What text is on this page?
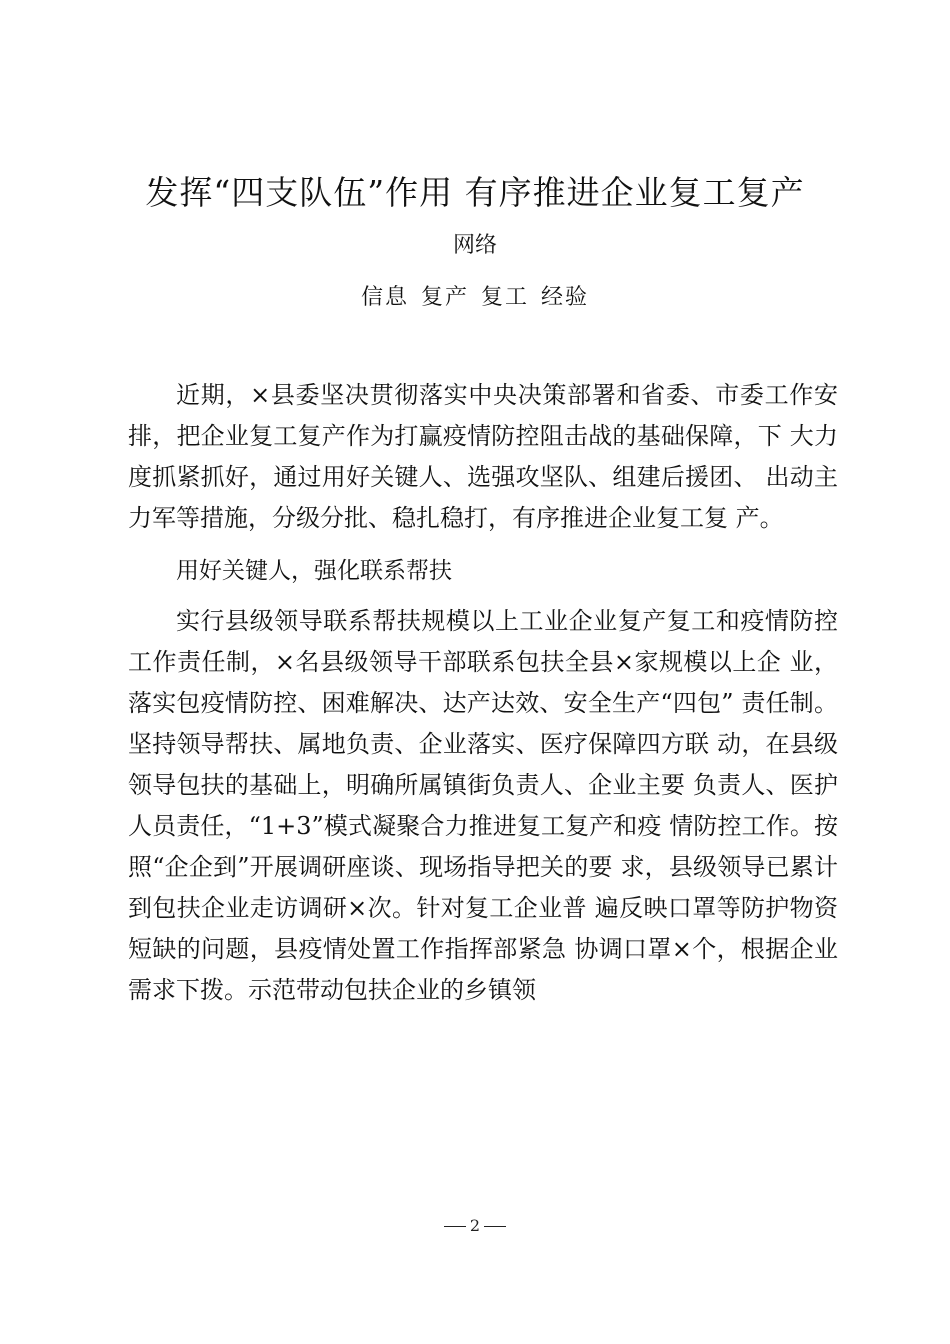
发挥“四支队伍”作用 有序推进企业复工复产

网络

信息 复产 复工 经验

近期，×县委坚决贯彻落实中央决策部署和省委、市委工作安排，把企业复工复产作为打赢疫情防控阻击战的基础保障，下 大力度抓紧抓好，通过用好关键人、选强攻坚队、组建后援团、 出动主力军等措施，分级分批、稳扎稳打，有序推进企业复工复 产。

用好关键人，强化联系帮扶

实行县级领导联系帮扶规模以上工业企业复产复工和疫情防控工作责任制，×名县级领导干部联系包扶全县×家规模以上企 业，落实包疫情防控、困难解决、达产达效、安全生产“四包” 责任制。坚持领导帮扶、属地负责、企业落实、医疗保障四方联 动，在县级领导包扶的基础上，明确所属镇街负责人、企业主要 负责人、医护人员责任，“1+3”模式凝聚合力推进复工复产和疫 情防控工作。按照“企企到”开展调研座谈、现场指导把关的要 求，县级领导已累计到包扶企业走访调研×次。针对复工企业普 遍反映口罩等防护物资短缺的问题，县疫情处置工作指挥部紧急 协调口罩×个，根据企业需求下拨。示范带动包扶企业的乡镇领

2
